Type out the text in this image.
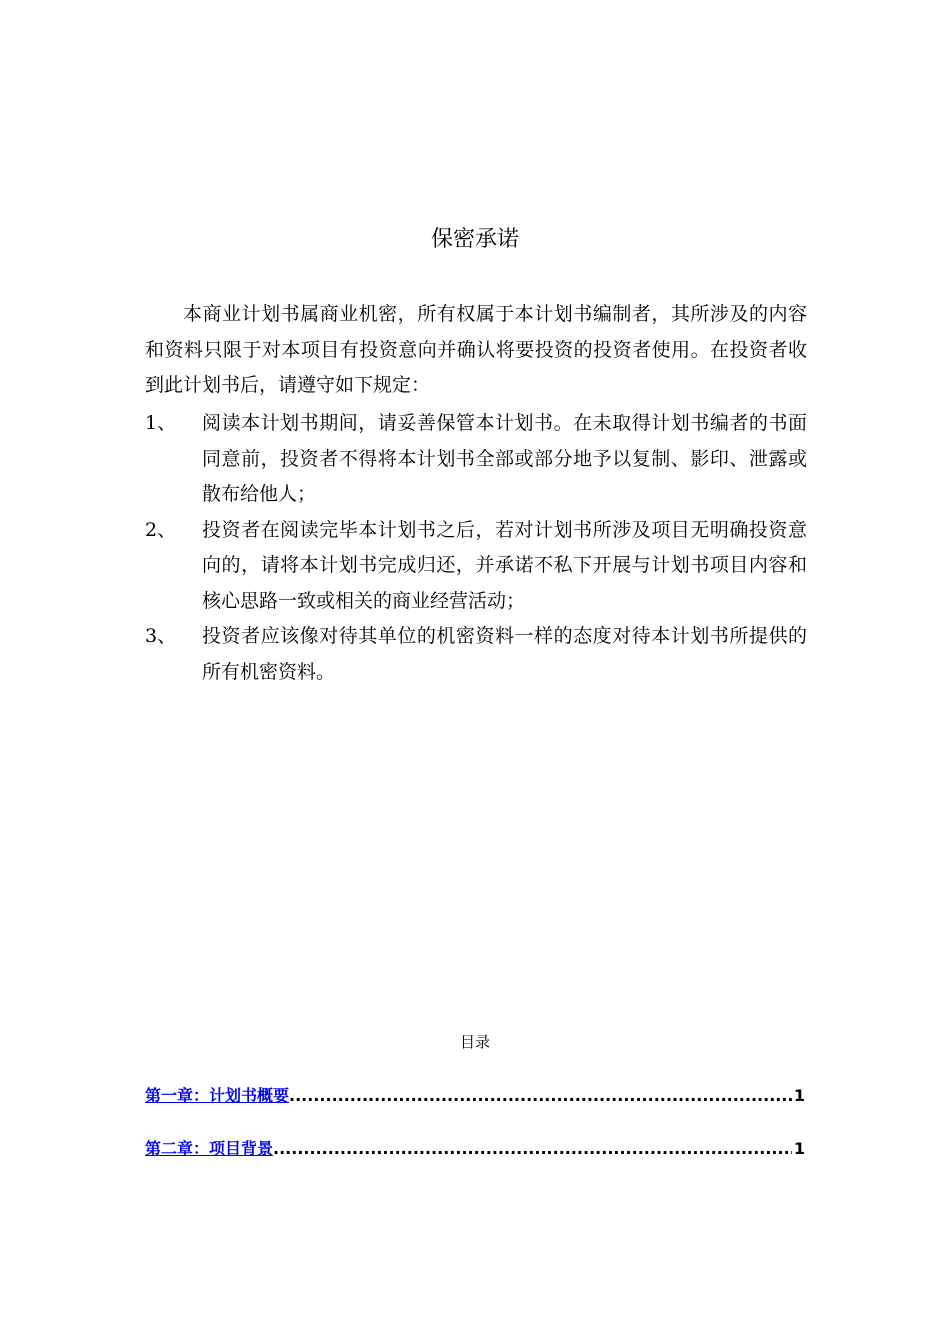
保密承诺

本商业计划书属商业机密，所有权属于本计划书编制者，其所涉及的内容和资料只限于对本项目有投资意向并确认将要投资的投资者使用。在投资者收到此计划书后，请遵守如下规定：

1、 阅读本计划书期间，请妥善保管本计划书。在未取得计划书编者的书面同意前，投资者不得将本计划书全部或部分地予以复制、影印、泄露或散布给他人；
2、 投资者在阅读完毕本计划书之后，若对计划书所涉及项目无明确投资意向的，请将本计划书完成归还，并承诺不私下开展与计划书项目内容和核心思路一致或相关的商业经营活动；
3、 投资者应该像对待其单位的机密资料一样的态度对待本计划书所提供的所有机密资料。
目录
第一章：计划书概要 .....	1
第二章：项目背景 .....	1
